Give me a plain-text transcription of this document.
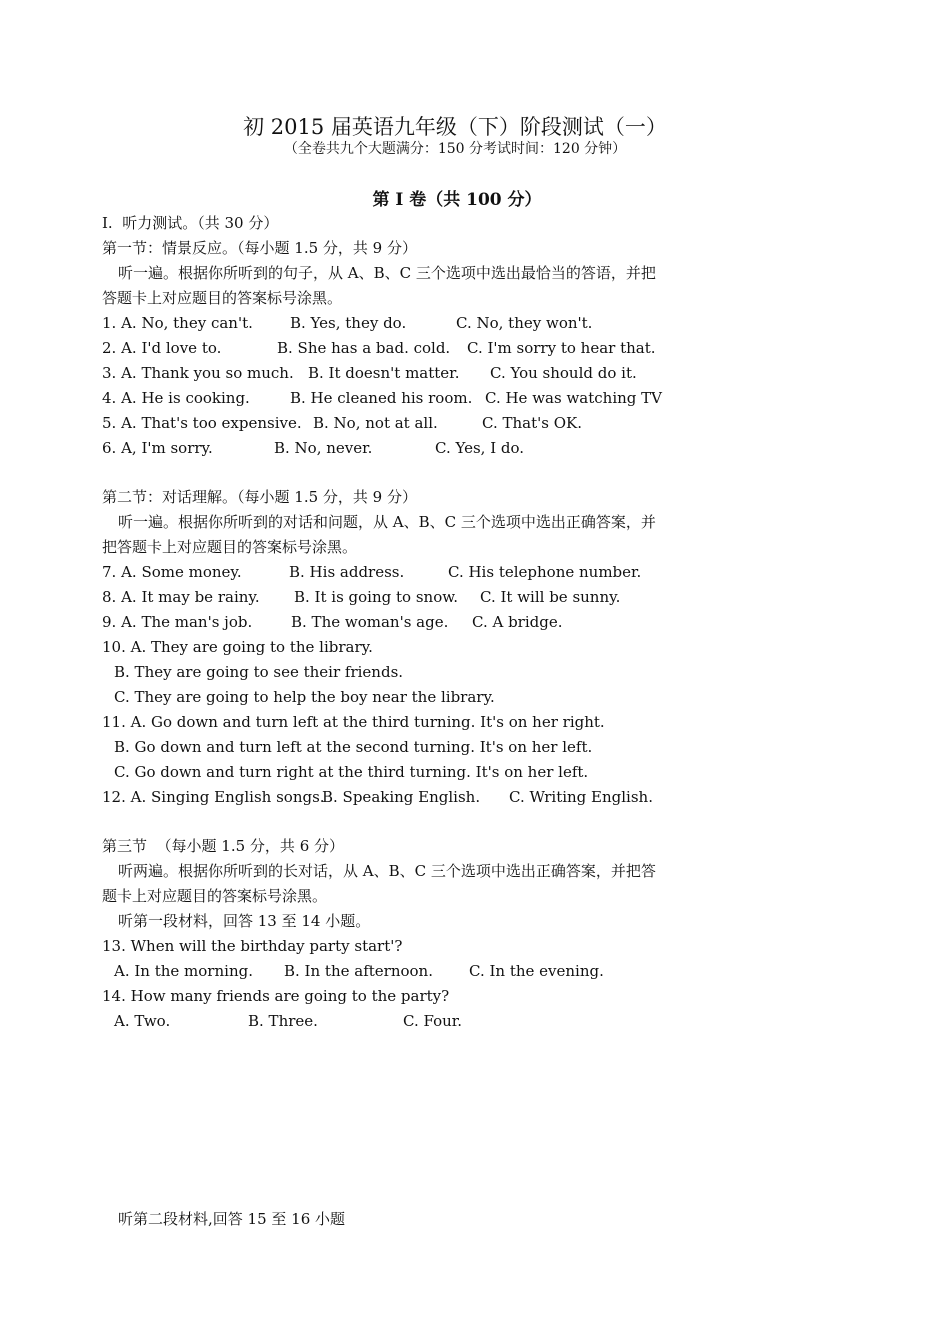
初 2015 届英语九年级（下）阶段测试（一）
（全卷共九个大题满分：150 分考试时间：120 分钟）
第 I 卷（共 100 分）
I.  听力测试。（共 30 分）
第一节：情景反应。（每小题 1.5 分，共 9 分）
听一遍。根据你所听到的句子，从 A、B、C 三个选项中选出最恰当的答语，并把
答题卡上对应题目的答案标号涂黑。
1. A. No, they can't. B. Yes, they do.	C. No, they won't.
2. A. I'd love to.	B. She has a bad. cold. C. I'm sorry to hear that.
3. A. Thank you so much. B. It doesn't matter. C. You should do it.
4. A. He is cooking.	B. He cleaned his room. C. He was watching TV
5. A. That's too expensive. B. No, not at all.	C. That's OK.
6. A, I'm sorry.	B. No, never.	C. Yes, I do.
第二节：对话理解。（每小题 1.5 分，共 9 分）
听一遍。根据你所听到的对话和问题，从 A、B、C 三个选项中选出正确答案，并
把答题卡上对应题目的答案标号涂黑。
7. A. Some money.	B. His address.	C. His telephone number.
8. A. It may be rainy. B. It is going to snow. C. It will be sunny.
9. A. The man's job.	B. The woman's age. C. A bridge.
10. A. They are going to the library.
B. They are going to see their friends.
C. They are going to help the boy near the library.
11. A. Go down and turn left at the third turning. It's on her right.
B. Go down and turn left at the second turning. It's on her left.
C. Go down and turn right at the third turning. It's on her left.
12. A. Singing English songs.
B. Speaking English. C. Writing English.
第三节  （每小题 1.5 分，共 6 分）
听两遍。根据你所听到的长对话，从 A、B、C 三个选项中选出正确答案，并把答
题卡上对应题目的答案标号涂黑。
听第一段材料，回答 13 至 14 小题。
13. When will the birthday party start'?
A. In the morning. B. In the afternoon. C. In the evening.
14. How many friends are going to the party?
A. Two.	B. Three.	C. Four.
听第二段材料,回答 15 至 16 小题
